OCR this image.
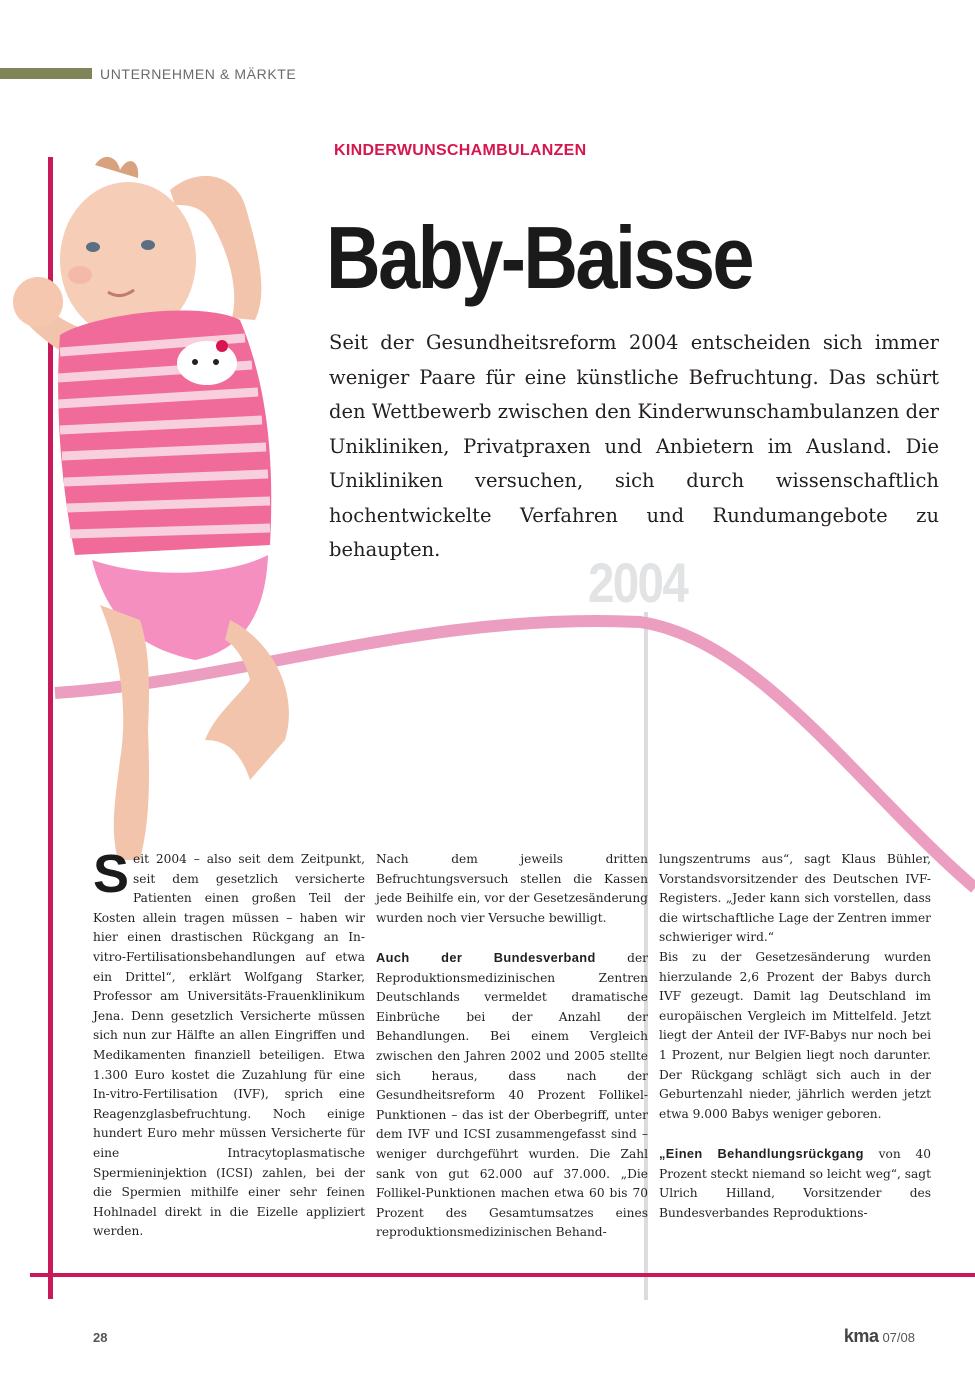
UNTERNEHMEN & MÄRKTE
2004
KINDERWUNSCHAMBULANZEN
Baby-Baisse
Seit der Gesundheitsreform 2004 entscheiden sich immer weniger Paare für eine künstliche Befruchtung. Das schürt den Wettbewerb zwischen den Kinderwunschambulanzen der Unikliniken, Privatpraxen und Anbietern im Ausland. Die Unikliniken versuchen, sich durch wissenschaftlich hochentwickelte Verfahren und Rundumangebote zu behaupten.

Seit 2004 – also seit dem Zeitpunkt, seit dem gesetzlich versicherte Patienten einen großen Teil der Kosten allein tragen müssen – haben wir hier einen drastischen Rückgang an In-vitro-Fertilisationsbehandlungen auf etwa ein Drittel“, erklärt Wolfgang Starker, Professor am Universitäts-Frauenklinikum Jena. Denn gesetzlich Versicherte müssen sich nun zur Hälfte an allen Eingriffen und Medikamenten finanziell beteiligen. Etwa 1.300 Euro kostet die Zuzahlung für eine In-vitro-Fertilisation (IVF), sprich eine Reagenzglasbefruchtung. Noch einige hundert Euro mehr müssen Versicherte für eine Intracytoplasmatische Spermieninjektion (ICSI) zahlen, bei der die Spermien mithilfe einer sehr feinen Hohlnadel direkt in die Eizelle appliziert werden.

Nach dem jeweils dritten Befruchtungsversuch stellen die Kassen jede Beihilfe ein, vor der Gesetzesänderung wurden noch vier Versuche bewilligt.

Auch der Bundesverband der Reproduktionsmedizinischen Zentren Deutschlands vermeldet dramatische Einbrüche bei der Anzahl der Behandlungen. Bei einem Vergleich zwischen den Jahren 2002 und 2005 stellte sich heraus, dass nach der Gesundheitsreform 40 Prozent Follikel-Punktionen – das ist der Oberbegriff, unter dem IVF und ICSI zusammengefasst sind – weniger durchgeführt wurden. Die Zahl sank von gut 62.000 auf 37.000. „Die Follikel-Punktionen machen etwa 60 bis 70 Prozent des Gesamtumsatzes eines reproduktionsmedizinischen Behand-

lungszentrums aus“, sagt Klaus Bühler, Vorstandsvorsitzender des Deutschen IVF-Registers. „Jeder kann sich vorstellen, dass die wirtschaftliche Lage der Zentren immer schwieriger wird.“

Bis zu der Gesetzesänderung wurden hierzulande 2,6 Prozent der Babys durch IVF gezeugt. Damit lag Deutschland im europäischen Vergleich im Mittelfeld. Jetzt liegt der Anteil der IVF-Babys nur noch bei 1 Prozent, nur Belgien liegt noch darunter. Der Rückgang schlägt sich auch in der Geburtenzahl nieder, jährlich werden jetzt etwa 9.000 Babys weniger geboren.

„Einen Behandlungsrückgang von 40 Prozent steckt niemand so leicht weg“, sagt Ulrich Hilland, Vorsitzender des Bundesverbandes Reproduktions-

28	kma 07/08
